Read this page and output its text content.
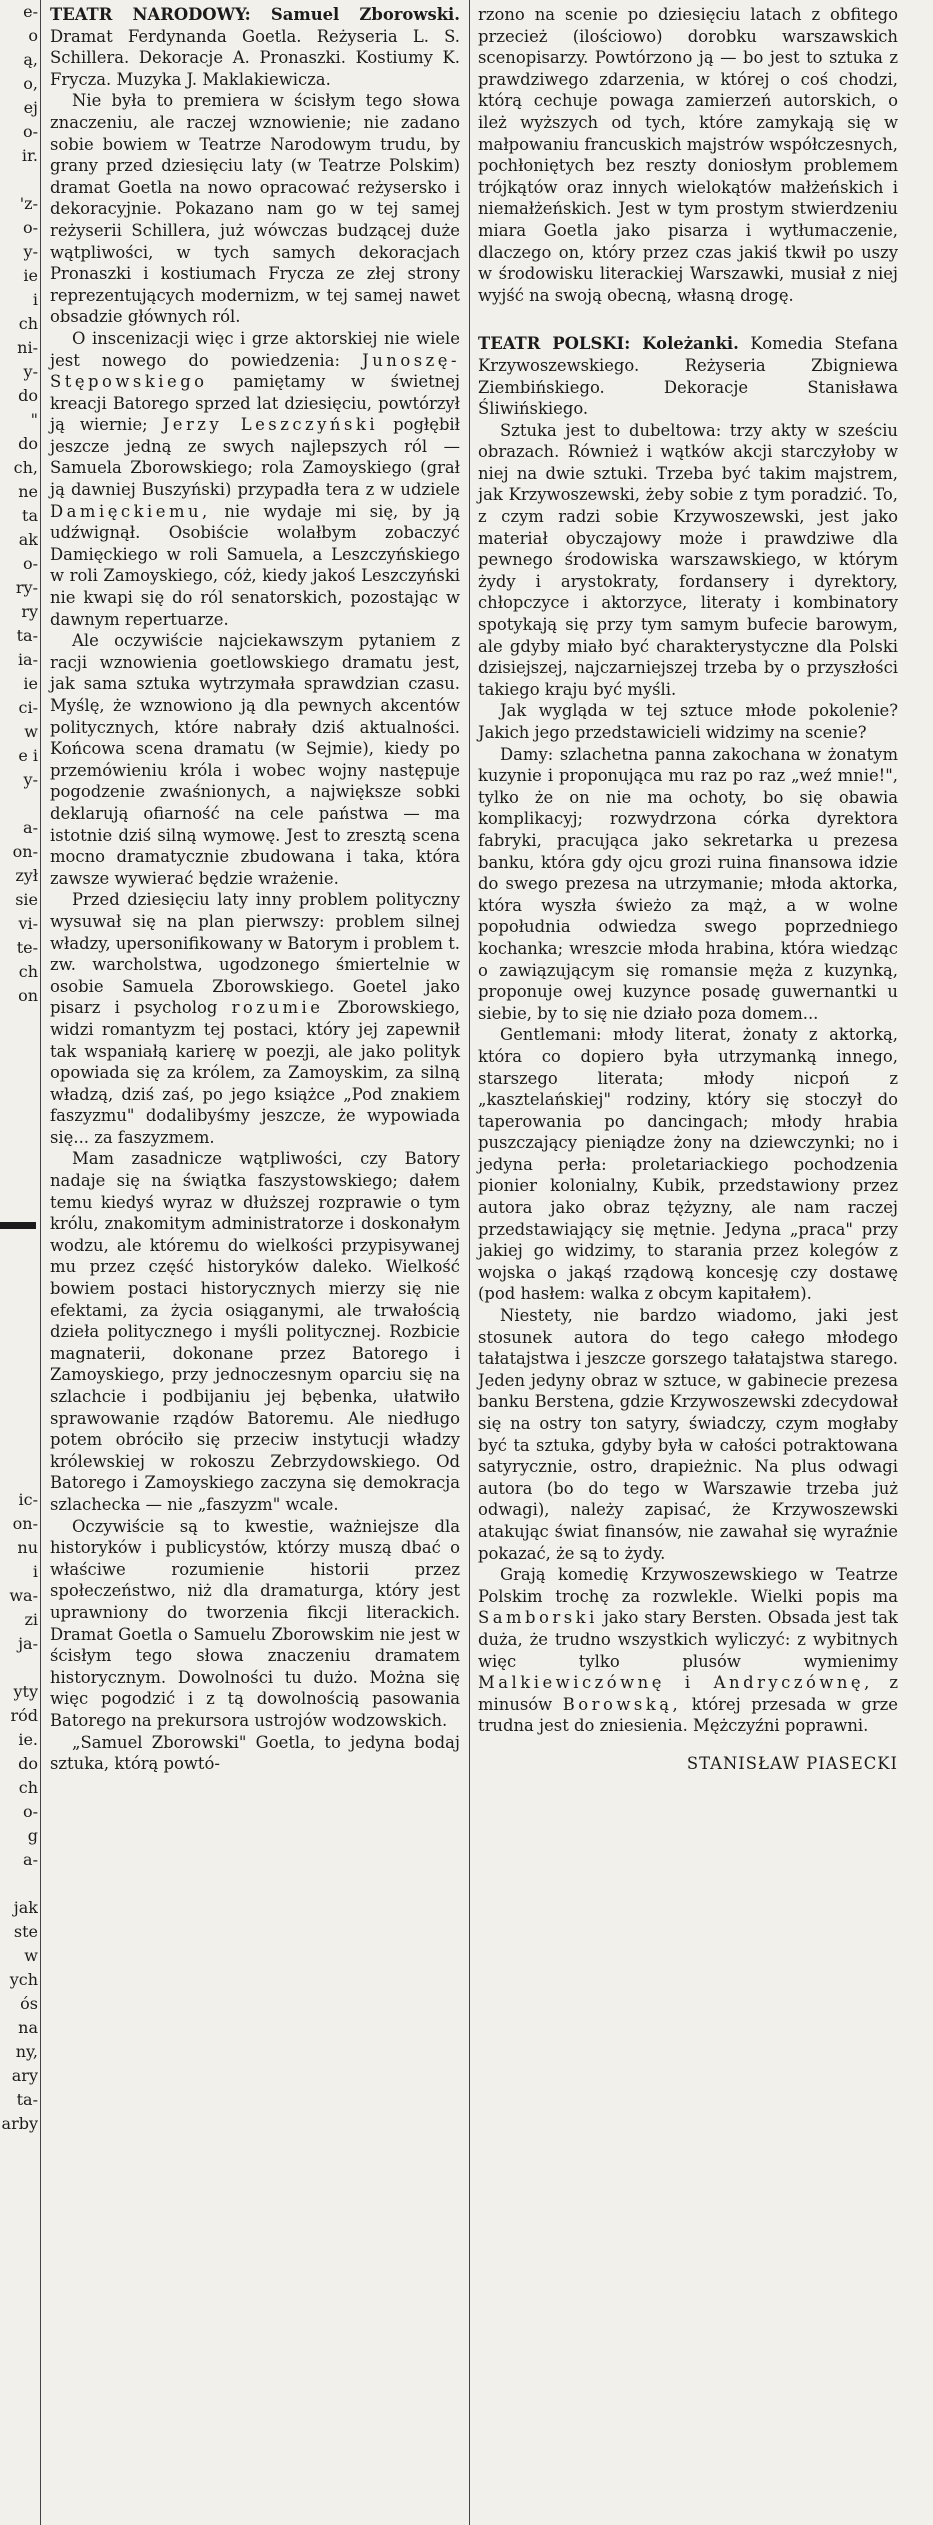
e-
o
ą,
o,
ej
o-
ir.
'z-
o-
y-
ie
i
ch
ni-
y-
do
"
do
ch,
ne
ta
ak
o-
ry-
ry
ta-
ia-
ie
ci-
w
e i
y-
a-
on-
zył
sie
vi-
te-
ch
on
ic-
on-
nu
i
wa-
zi
ja-
yty
ród
ie.
do
ch
o-
g
a-
jak
ste
w
ych
ós
na
ny,
ary
ta-
arby

TEATR NARODOWY: Samuel Zborowski. Dramat Ferdynanda Goetla. Reżyseria L. S. Schillera. Dekoracje A. Pronaszki. Kostiumy K. Frycza. Muzyka J. Maklakiewicza.

Nie była to premiera w ścisłym tego słowa znaczeniu, ale raczej wznowienie; nie zadano sobie bowiem w Teatrze Narodowym trudu, by grany przed dziesięciu laty (w Teatrze Polskim) dramat Goetla na nowo opracować reżysersko i dekoracyjnie. Pokazano nam go w tej samej reżyserii Schillera, już wówczas budzącej duże wątpliwości, w tych samych dekoracjach Pronaszki i kostiumach Frycza ze złej strony reprezentujących modernizm, w tej samej nawet obsadzie głównych ról.

O inscenizacji więc i grze aktorskiej nie wiele jest nowego do powiedzenia: Junoszę-Stępowskiego pamiętamy w świetnej kreacji Batorego sprzed lat dziesięciu, powtórzył ją wiernie; Jerzy Leszczyński pogłębił jeszcze jedną ze swych najlepszych ról — Samuela Zborowskiego; rola Zamoyskiego (grał ją dawniej Buszyński) przypadła tera z w udziele Damięckiemu, nie wydaje mi się, by ją udźwignął. Osobiście wolałbym zobaczyć Damięckiego w roli Samuela, a Leszczyńskiego w roli Zamoyskiego, cóż, kiedy jakoś Leszczyński nie kwapi się do ról senatorskich, pozostając w dawnym repertuarze.

Ale oczywiście najciekawszym pytaniem z racji wznowienia goetlowskiego dramatu jest, jak sama sztuka wytrzymała sprawdzian czasu. Myślę, że wznowiono ją dla pewnych akcentów politycznych, które nabrały dziś aktualności. Końcowa scena dramatu (w Sejmie), kiedy po przemówieniu króla i wobec wojny następuje pogodzenie zwaśnionych, a największe sobki deklarują ofiarność na cele państwa — ma istotnie dziś silną wymowę. Jest to zresztą scena mocno dramatycznie zbudowana i taka, która zawsze wywierać będzie wrażenie.

Przed dziesięciu laty inny problem polityczny wysuwał się na plan pierwszy: problem silnej władzy, upersonifikowany w Batorym i problem t. zw. warcholstwa, ugodzonego śmiertelnie w osobie Samuela Zborowskiego. Goetel jako pisarz i psycholog rozumie Zborowskiego, widzi romantyzm tej postaci, który jej zapewnił tak wspaniałą karierę w poezji, ale jako polityk opowiada się za królem, za Zamoyskim, za silną władzą, dziś zaś, po jego książce „Pod znakiem faszyzmu" dodalibyśmy jeszcze, że wypowiada się... za faszyzmem.

Mam zasadnicze wątpliwości, czy Batory nadaje się na świątka faszystowskiego; dałem temu kiedyś wyraz w dłuższej rozprawie o tym królu, znakomitym administratorze i doskonałym wodzu, ale któremu do wielkości przypisywanej mu przez część historyków daleko. Wielkość bowiem postaci historycznych mierzy się nie efektami, za życia osiąganymi, ale trwałością dzieła politycznego i myśli politycznej. Rozbicie magnaterii, dokonane przez Batorego i Zamoyskiego, przy jednoczesnym oparciu się na szlachcie i podbijaniu jej bębenka, ułatwiło sprawowanie rządów Batoremu. Ale niedługo potem obróciło się przeciw instytucji władzy królewskiej w rokoszu Zebrzydowskiego. Od Batorego i Zamoyskiego zaczyna się demokracja szlachecka — nie „faszyzm" wcale.

Oczywiście są to kwestie, ważniejsze dla historyków i publicystów, którzy muszą dbać o właściwe rozumienie historii przez społeczeństwo, niż dla dramaturga, który jest uprawniony do tworzenia fikcji literackich. Dramat Goetla o Samuelu Zborowskim nie jest w ścisłym tego słowa znaczeniu dramatem historycznym. Dowolności tu dużo. Można się więc pogodzić i z tą dowolnością pasowania Batorego na prekursora ustrojów wodzowskich.

„Samuel Zborowski" Goetla, to jedyna bodaj sztuka, którą powtó-

rzono na scenie po dziesięciu latach z obfitego przecież (ilościowo) dorobku warszawskich scenopisarzy. Powtórzono ją — bo jest to sztuka z prawdziwego zdarzenia, w której o coś chodzi, którą cechuje powaga zamierzeń autorskich, o ileż wyższych od tych, które zamykają się w małpowaniu francuskich majstrów współczesnych, pochłoniętych bez reszty doniosłym problemem trójkątów oraz innych wielokątów małżeńskich i niemałżeńskich. Jest w tym prostym stwierdzeniu miara Goetla jako pisarza i wytłumaczenie, dlaczego on, który przez czas jakiś tkwił po uszy w środowisku literackiej Warszawki, musiał z niej wyjść na swoją obecną, własną drogę.

TEATR POLSKI: Koleżanki. Komedia Stefana Krzywoszewskiego. Reżyseria Zbigniewa Ziembińskiego. Dekoracje Stanisława Śliwińskiego.

Sztuka jest to dubeltowa: trzy akty w sześciu obrazach. Również i wątków akcji starczyłoby w niej na dwie sztuki. Trzeba być takim majstrem, jak Krzywoszewski, żeby sobie z tym poradzić. To, z czym radzi sobie Krzywoszewski, jest jako materiał obyczajowy może i prawdziwe dla pewnego środowiska warszawskiego, w którym żydy i arystokraty, fordansery i dyrektory, chłopczyce i aktorzyce, literaty i kombinatory spotykają się przy tym samym bufecie barowym, ale gdyby miało być charakterystyczne dla Polski dzisiejszej, najczarniejszej trzeba by o przyszłości takiego kraju być myśli.

Jak wygląda w tej sztuce młode pokolenie? Jakich jego przedstawicieli widzimy na scenie?

Damy: szlachetna panna zakochana w żonatym kuzynie i proponująca mu raz po raz „weź mnie!", tylko że on nie ma ochoty, bo się obawia komplikacyj; rozwydrzona córka dyrektora fabryki, pracująca jako sekretarka u prezesa banku, która gdy ojcu grozi ruina finansowa idzie do swego prezesa na utrzymanie; młoda aktorka, która wyszła świeżo za mąż, a w wolne popołudnia odwiedza swego poprzedniego kochanka; wreszcie młoda hrabina, która wiedząc o zawiązującym się romansie męża z kuzynką, proponuje owej kuzynce posadę guwernantki u siebie, by to się nie działo poza domem...

Gentlemani: młody literat, żonaty z aktorką, która co dopiero była utrzymanką innego, starszego literata; młody nicpoń z „kasztelańskiej" rodziny, który się stoczył do taperowania po dancingach; młody hrabia puszczający pieniądze żony na dziewczynki; no i jedyna perła: proletariackiego pochodzenia pionier kolonialny, Kubik, przedstawiony przez autora jako obraz tężyzny, ale nam raczej przedstawiający się mętnie. Jedyna „praca" przy jakiej go widzimy, to starania przez kolegów z wojska o jakąś rządową koncesję czy dostawę (pod hasłem: walka z obcym kapitałem).

Niestety, nie bardzo wiadomo, jaki jest stosunek autora do tego całego młodego tałatajstwa i jeszcze gorszego tałatajstwa starego. Jeden jedyny obraz w sztuce, w gabinecie prezesa banku Berstena, gdzie Krzywoszewski zdecydował się na ostry ton satyry, świadczy, czym mogłaby być ta sztuka, gdyby była w całości potraktowana satyrycznie, ostro, drapieżnic. Na plus odwagi autora (bo do tego w Warszawie trzeba już odwagi), należy zapisać, że Krzywoszewski atakując świat finansów, nie zawahał się wyraźnie pokazać, że są to żydy.

Grają komedię Krzywoszewskiego w Teatrze Polskim trochę za rozwlekle. Wielki popis ma Samborski jako stary Bersten. Obsada jest tak duża, że trudno wszystkich wyliczyć: z wybitnych więc tylko plusów wymienimy Malkiewiczównę i Andryczównę, z minusów Borowską, której przesada w grze trudna jest do zniesienia. Mężczyźni poprawni.

STANISŁAW PIASECKI
